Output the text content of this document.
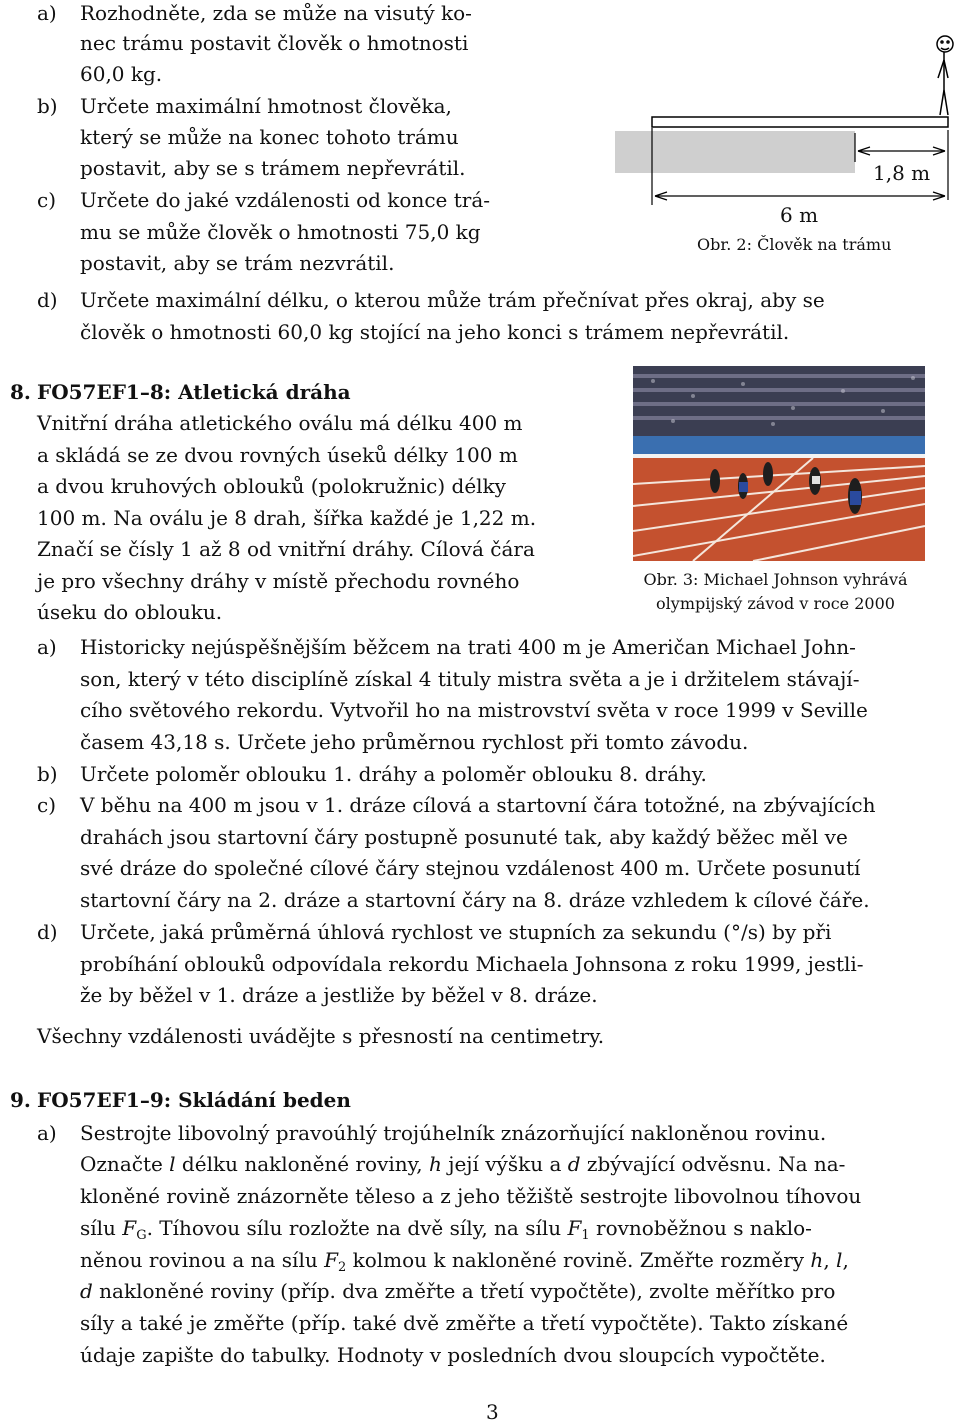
a) Rozhodněte, zda se může na visutý ko-
nec trámu postavit člověk o hmotnosti
60,0 kg.
b) Určete maximální hmotnost člověka,
který se může na konec tohoto trámu
postavit, aby se s trámem nepřevrátil.
c) Určete do jaké vzdálenosti od konce trá-
mu se může člověk o hmotnosti 75,0 kg
postavit, aby se trám nezvrátil.
1,8 m
6 m
Obr. 2: Člověk na trámu
d) Určete maximální délku, o kterou může trám přečnívat přes okraj, aby se
člověk o hmotnosti 60,0 kg stojící na jeho konci s trámem nepřevrátil.
8. FO57EF1–8: Atletická dráha
Vnitřní dráha atletického oválu má délku 400 m
a skládá se ze dvou rovných úseků délky 100 m
a dvou kruhových oblouků (polokružnic) délky
100 m. Na oválu je 8 drah, šířka každé je 1,22 m.
Značí se čísly 1 až 8 od vnitřní dráhy. Cílová čára
je pro všechny dráhy v místě přechodu rovného
úseku do oblouku.
Obr. 3: Michael Johnson vyhrává
olympijský závod v roce 2000
a) Historicky nejúspěšnějším běžcem na trati 400 m je Američan Michael John-
son, který v této disciplíně získal 4 tituly mistra světa a je i držitelem stávají-
cího světového rekordu. Vytvořil ho na mistrovství světa v roce 1999 v Seville
časem 43,18 s. Určete jeho průměrnou rychlost při tomto závodu.
b) Určete poloměr oblouku 1. dráhy a poloměr oblouku 8. dráhy.
c) V běhu na 400 m jsou v 1. dráze cílová a startovní čára totožné, na zbývajících
drahách jsou startovní čáry postupně posunuté tak, aby každý běžec měl ve
své dráze do společné cílové čáry stejnou vzdálenost 400 m. Určete posunutí
startovní čáry na 2. dráze a startovní čáry na 8. dráze vzhledem k cílové čáře.
d) Určete, jaká průměrná úhlová rychlost ve stupních za sekundu (°/s) by při
probíhání oblouků odpovídala rekordu Michaela Johnsona z roku 1999, jestli-
že by běžel v 1. dráze a jestliže by běžel v 8. dráze.
Všechny vzdálenosti uvádějte s přesností na centimetry.
9. FO57EF1–9: Skládání beden
a) Sestrojte libovolný pravoúhlý trojúhelník znázorňující nakloněnou rovinu.
Označte l délku nakloněné roviny, h její výšku a d zbývající odvěsnu. Na na-
kloněné rovině znázorněte těleso a z jeho těžiště sestrojte libovolnou tíhovou
sílu $F_G$. Tíhovou sílu rozložte na dvě síly, na sílu $F_1$ rovnoběžnou s naklo-
něnou rovinou a na sílu $F_2$ kolmou k nakloněné rovině. Změřte rozměry h, l,
d nakloněné roviny (příp. dva změřte a třetí vypočtěte), zvolte měřítko pro
síly a také je změřte (příp. také dvě změřte a třetí vypočtěte). Takto získané
údaje zapište do tabulky. Hodnoty v posledních dvou sloupcích vypočtěte.
3
